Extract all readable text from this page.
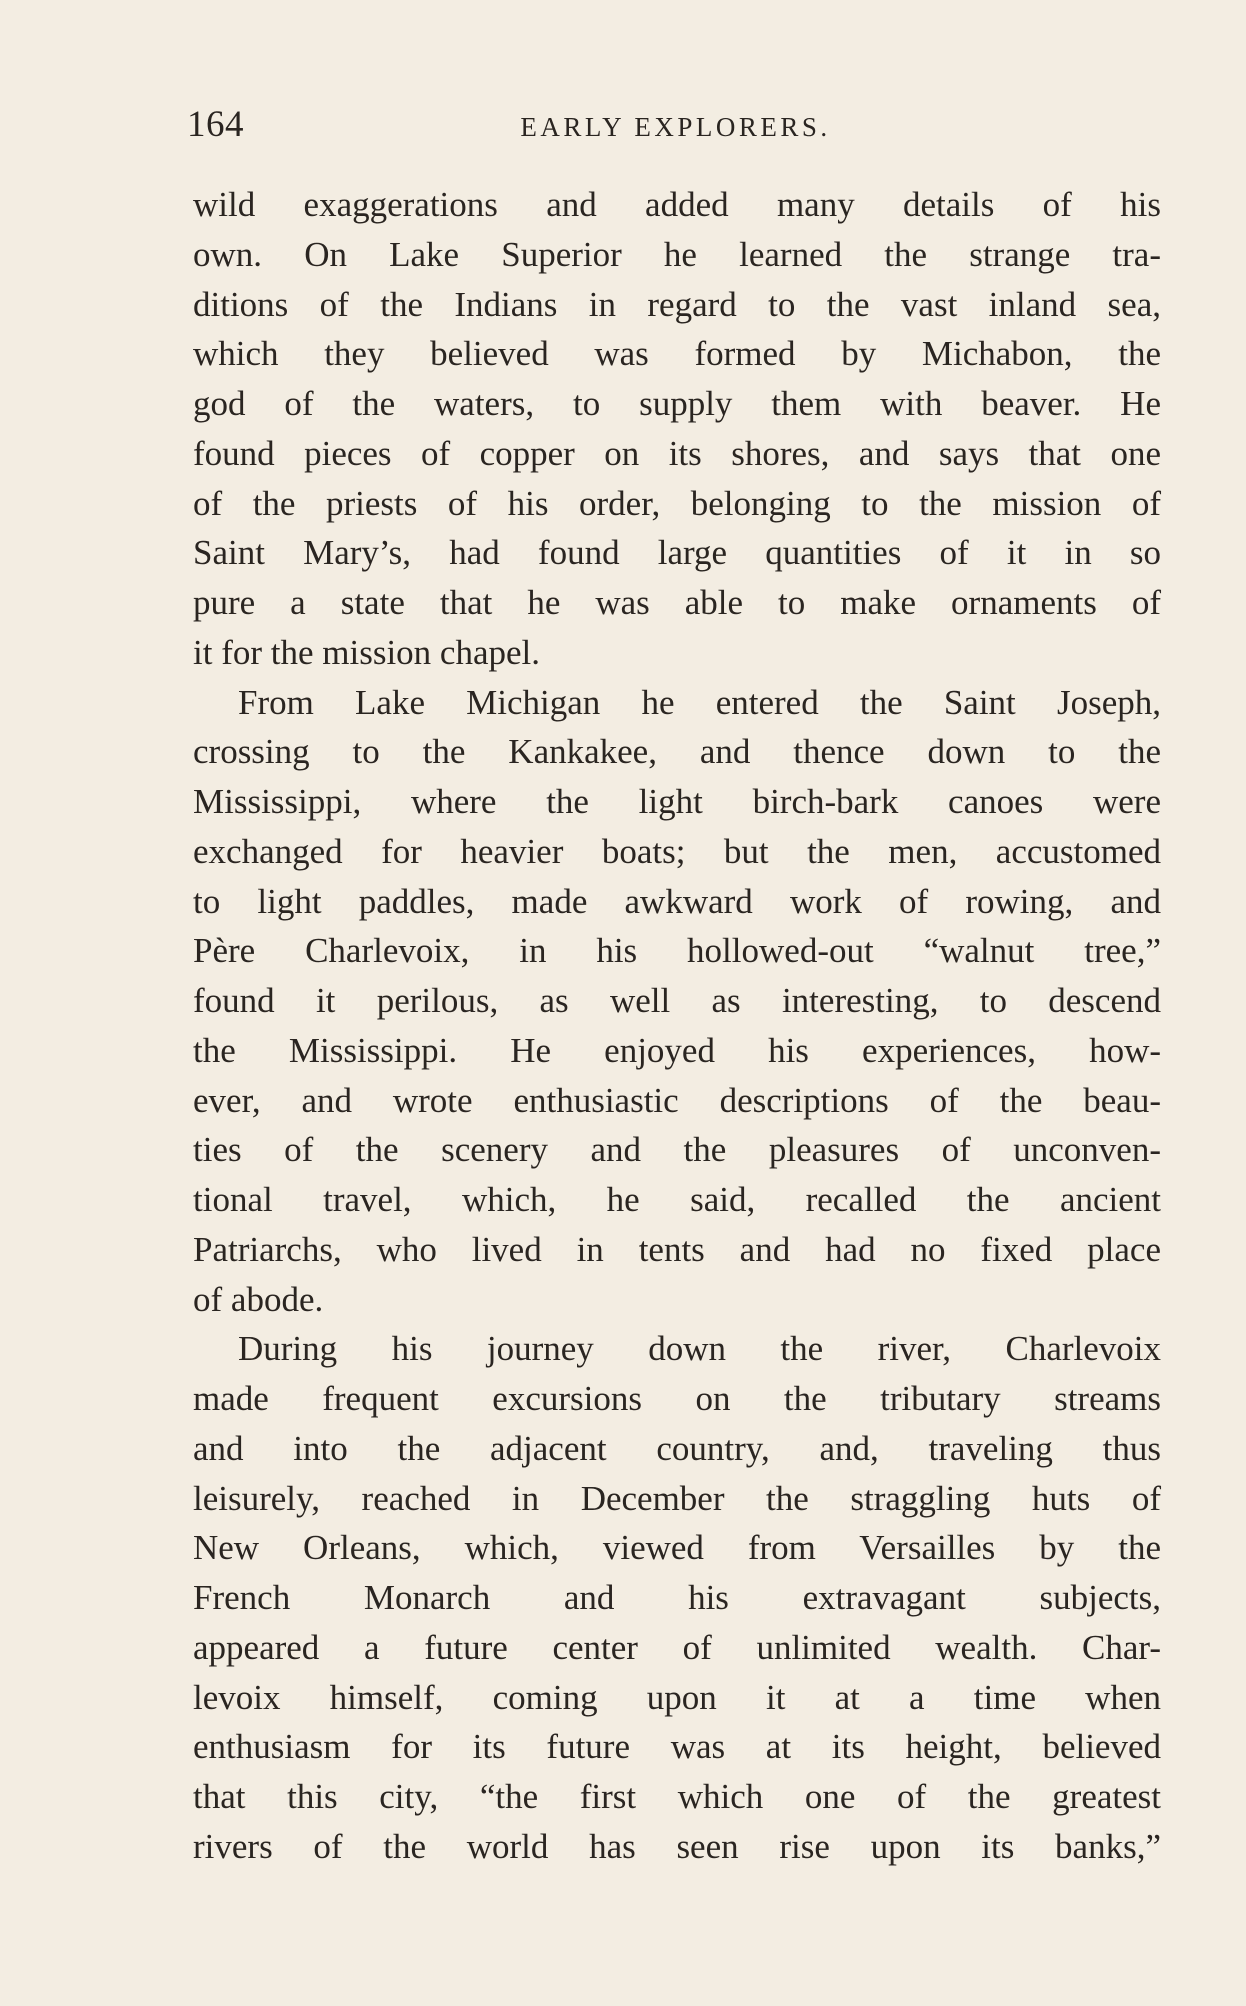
164	EARLY EXPLORERS.
wild exaggerations and added many details of his
own. On Lake Superior he learned the strange tra-
ditions of the Indians in regard to the vast inland sea,
which they believed was formed by Michabon, the
god of the waters, to supply them with beaver. He
found pieces of copper on its shores, and says that one
of the priests of his order, belonging to the mission of
Saint Mary’s, had found large quantities of it in so
pure a state that he was able to make ornaments of
it for the mission chapel.
From Lake Michigan he entered the Saint Joseph,
crossing to the Kankakee, and thence down to the
Mississippi, where the light birch-bark canoes were
exchanged for heavier boats; but the men, accustomed
to light paddles, made awkward work of rowing, and
Père Charlevoix, in his hollowed-out “walnut tree,”
found it perilous, as well as interesting, to descend
the Mississippi. He enjoyed his experiences, how-
ever, and wrote enthusiastic descriptions of the beau-
ties of the scenery and the pleasures of unconven-
tional travel, which, he said, recalled the ancient
Patriarchs, who lived in tents and had no fixed place
of abode.
During his journey down the river, Charlevoix
made frequent excursions on the tributary streams
and into the adjacent country, and, traveling thus
leisurely, reached in December the straggling huts of
New Orleans, which, viewed from Versailles by the
French Monarch and his extravagant subjects,
appeared a future center of unlimited wealth. Char-
levoix himself, coming upon it at a time when
enthusiasm for its future was at its height, believed
that this city, “the first which one of the greatest
rivers of the world has seen rise upon its banks,”
